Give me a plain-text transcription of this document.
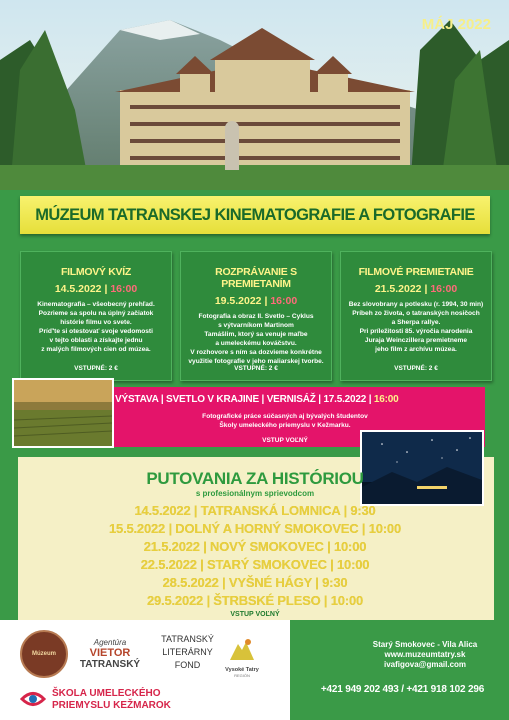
MÁJ 2022
MÚZEUM TATRANSKEJ KINEMATOGRAFIE A FOTOGRAFIE
FILMOVÝ KVÍZ
14.5.2022 | 16:00
Kinematografia – všeobecný prehľad.
Pozrieme sa spolu na úplný začiatok
histórie filmu vo svete.
Príď'te si otestovať svoje vedomosti
v tejto oblasti a získajte jednu
z malých filmových cien od múzea.
VSTUPNÉ: 2 €
ROZPRÁVANIE S PREMIETANÍM
19.5.2022 | 16:00
Fotografia a obraz II. Svetlo – Cyklus
s výtvarníkom Martinom
Tamášlim, ktorý sa venuje maľbe
a umeleckému kováčstvu.
V rozhovore s ním sa dozvieme konkrétne
využitie fotografie v jeho maliarskej tvorbe.
VSTUPNÉ: 2 €
FILMOVÉ PREMIETANIE
21.5.2022 | 16:00
Bez slovobrany a potlesku (r. 1994, 30 min)
Príbeh zo života, o tatranských nosičoch
a Sherpa rallye.
Pri príležitosti 85. výročia narodenia
Juraja Weinczillera premietneme
jeho film z archívu múzea.
VSTUPNÉ: 2 €
VÝSTAVA | SVETLO V KRAJINE | VERNISÁŽ | 17.5.2022 | 16:00
Fotografické práce súčasných aj bývalých študentov
Školy umeleckého priemyslu v Kežmarku.
VSTUP VOĽNÝ
PUTOVANIA ZA HISTÓRIOU
s profesionálnym sprievodcom
14.5.2022 | TATRANSKÁ LOMNICA | 9:30
15.5.2022 | DOLNÝ A HORNÝ SMOKOVEC | 10:00
21.5.2022 | NOVÝ SMOKOVEC | 10:00
22.5.2022 | STARÝ SMOKOVEC | 10:00
28.5.2022 | VYŠNÉ HÁGY | 9:30
29.5.2022 | ŠTRBSKÉ PLESO | 10:00
VSTUP VOĽNÝ
Múzeum
Agentúra
VIETOR
TATRANSKÝ
TATRANSKÝ
LITERÁRNY
FOND	Vysoké Tatry
REGIÓN
ŠKOLA UMELECKÉHO
PRIEMYSLU KEŽMAROK
Starý Smokovec - Vila Alica
www.muzeumtatry.sk
ivafigova@gmail.com
+421 949 202 493 / +421 918 102 296
